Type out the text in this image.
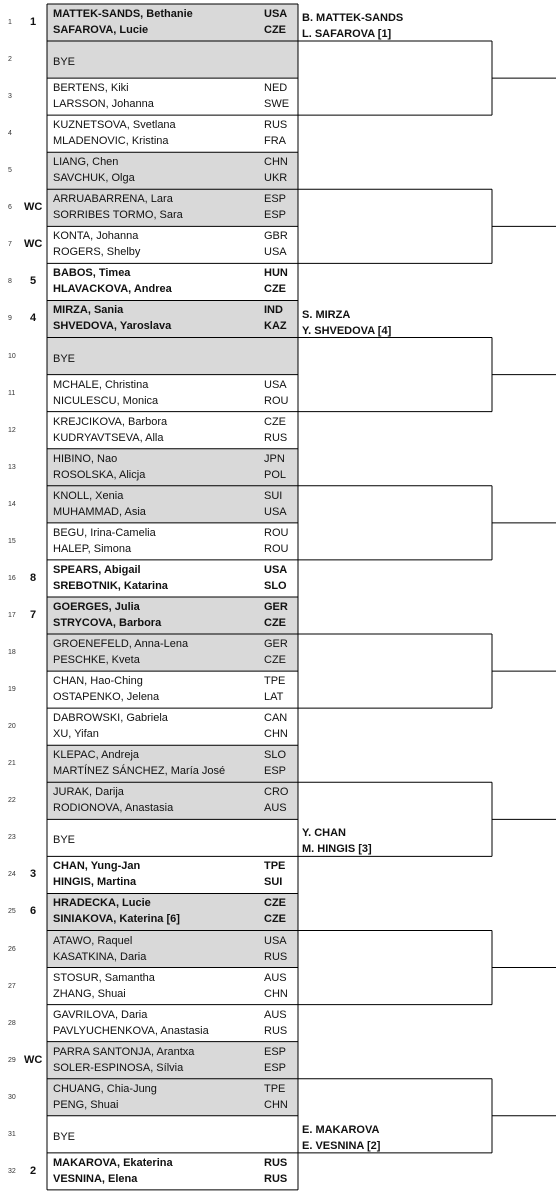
1 1
MATTEK-SANDS, Bethanie	USA
SAFAROVA, Lucie	CZE
2	BYE
3
BERTENS, Kiki	NED
LARSSON, Johanna	SWE
4
KUZNETSOVA, Svetlana	RUS
MLADENOVIC, Kristina	FRA
5
LIANG, Chen	CHN
SAVCHUK, Olga	UKR
6 WC
ARRUABARRENA, Lara	ESP
SORRIBES TORMO, Sara	ESP
7 WC
KONTA, Johanna	GBR
ROGERS, Shelby	USA
8 5
BABOS, Timea	HUN
HLAVACKOVA, Andrea	CZE
9 4
MIRZA, Sania	IND
SHVEDOVA, Yaroslava	KAZ
10	BYE
11
MCHALE, Christina	USA
NICULESCU, Monica	ROU
12
KREJCIKOVA, Barbora	CZE
KUDRYAVTSEVA, Alla	RUS
13
HIBINO, Nao	JPN
ROSOLSKA, Alicja	POL
14
KNOLL, Xenia	SUI
MUHAMMAD, Asia	USA
15
BEGU, Irina-Camelia	ROU
HALEP, Simona	ROU
16 8
SPEARS, Abigail	USA
SREBOTNIK, Katarina	SLO
17 7
GOERGES, Julia	GER
STRYCOVA, Barbora	CZE
18
GROENEFELD, Anna-Lena	GER
PESCHKE, Kveta	CZE
19
CHAN, Hao-Ching	TPE
OSTAPENKO, Jelena	LAT
20
DABROWSKI, Gabriela	CAN
XU, Yifan	CHN
21
KLEPAC, Andreja	SLO
MARTÍNEZ SÁNCHEZ, María José	ESP
22
JURAK, Darija	CRO
RODIONOVA, Anastasia	AUS
23	BYE
24 3
CHAN, Yung-Jan	TPE
HINGIS, Martina	SUI
25 6
HRADECKA, Lucie	CZE
SINIAKOVA, Katerina [6]	CZE
26
ATAWO, Raquel	USA
KASATKINA, Daria	RUS
27
STOSUR, Samantha	AUS
ZHANG, Shuai	CHN
28
GAVRILOVA, Daria	AUS
PAVLYUCHENKOVA, Anastasia	RUS
29 WC
PARRA SANTONJA, Arantxa	ESP
SOLER-ESPINOSA, Sílvia	ESP
30
CHUANG, Chia-Jung	TPE
PENG, Shuai	CHN
31	BYE
32 2
MAKAROVA, Ekaterina	RUS
VESNINA, Elena	RUS
B. MATTEK-SANDS
L. SAFAROVA [1]
S. MIRZA
Y. SHVEDOVA [4]
Y. CHAN
M. HINGIS [3]
E. MAKAROVA
E. VESNINA [2]
